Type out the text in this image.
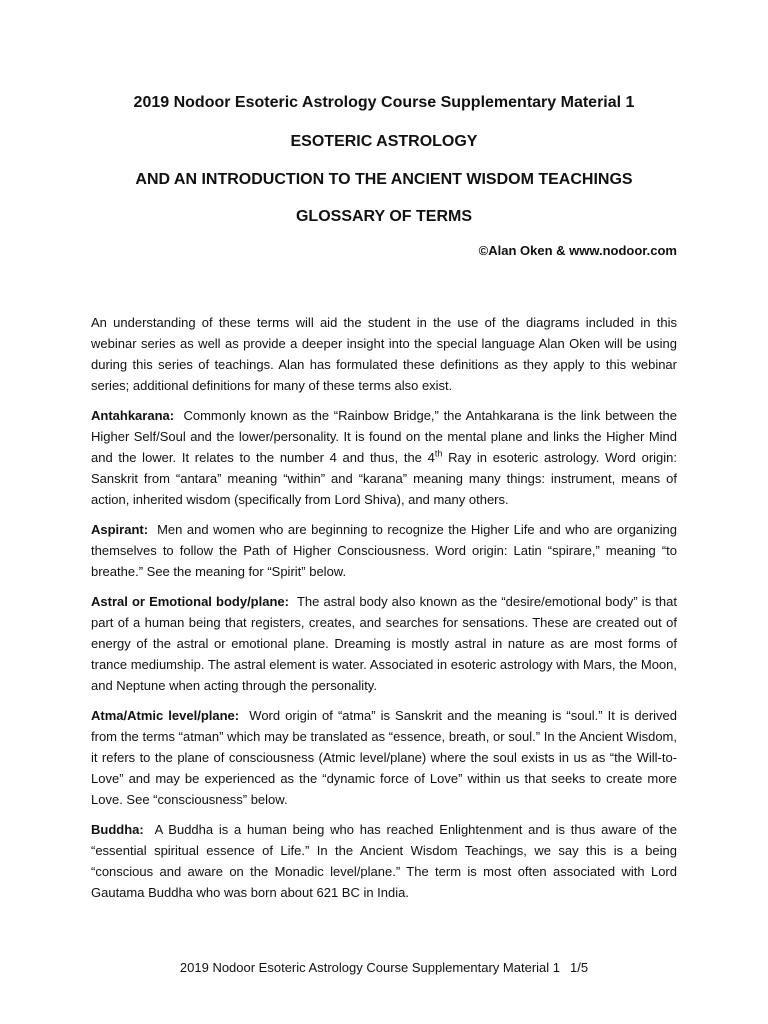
2019 Nodoor Esoteric Astrology Course Supplementary Material 1
ESOTERIC ASTROLOGY
AND AN INTRODUCTION TO THE ANCIENT WISDOM TEACHINGS
GLOSSARY OF TERMS
©Alan Oken & www.nodoor.com

An understanding of these terms will aid the student in the use of the diagrams included in this webinar series as well as provide a deeper insight into the special language Alan Oken will be using during this series of teachings. Alan has formulated these definitions as they apply to this webinar series; additional definitions for many of these terms also exist.

Antahkarana: Commonly known as the “Rainbow Bridge,” the Antahkarana is the link between the Higher Self/Soul and the lower/personality. It is found on the mental plane and links the Higher Mind and the lower. It relates to the number 4 and thus, the 4th Ray in esoteric astrology. Word origin: Sanskrit from “antara” meaning “within” and “karana” meaning many things: instrument, means of action, inherited wisdom (specifically from Lord Shiva), and many others.

Aspirant: Men and women who are beginning to recognize the Higher Life and who are organizing themselves to follow the Path of Higher Consciousness. Word origin: Latin “spirare,” meaning “to breathe.” See the meaning for “Spirit” below.

Astral or Emotional body/plane: The astral body also known as the “desire/emotional body” is that part of a human being that registers, creates, and searches for sensations. These are created out of energy of the astral or emotional plane. Dreaming is mostly astral in nature as are most forms of trance mediumship. The astral element is water. Associated in esoteric astrology with Mars, the Moon, and Neptune when acting through the personality.

Atma/Atmic level/plane: Word origin of “atma” is Sanskrit and the meaning is “soul.” It is derived from the terms “atman” which may be translated as “essence, breath, or soul.” In the Ancient Wisdom, it refers to the plane of consciousness (Atmic level/plane) where the soul exists in us as “the Will-to-Love” and may be experienced as the “dynamic force of Love” within us that seeks to create more Love. See “consciousness” below.

Buddha: A Buddha is a human being who has reached Enlightenment and is thus aware of the “essential spiritual essence of Life.” In the Ancient Wisdom Teachings, we say this is a being “conscious and aware on the Monadic level/plane.” The term is most often associated with Lord Gautama Buddha who was born about 621 BC in India.

2019 Nodoor Esoteric Astrology Course Supplementary Material 1 1/5
